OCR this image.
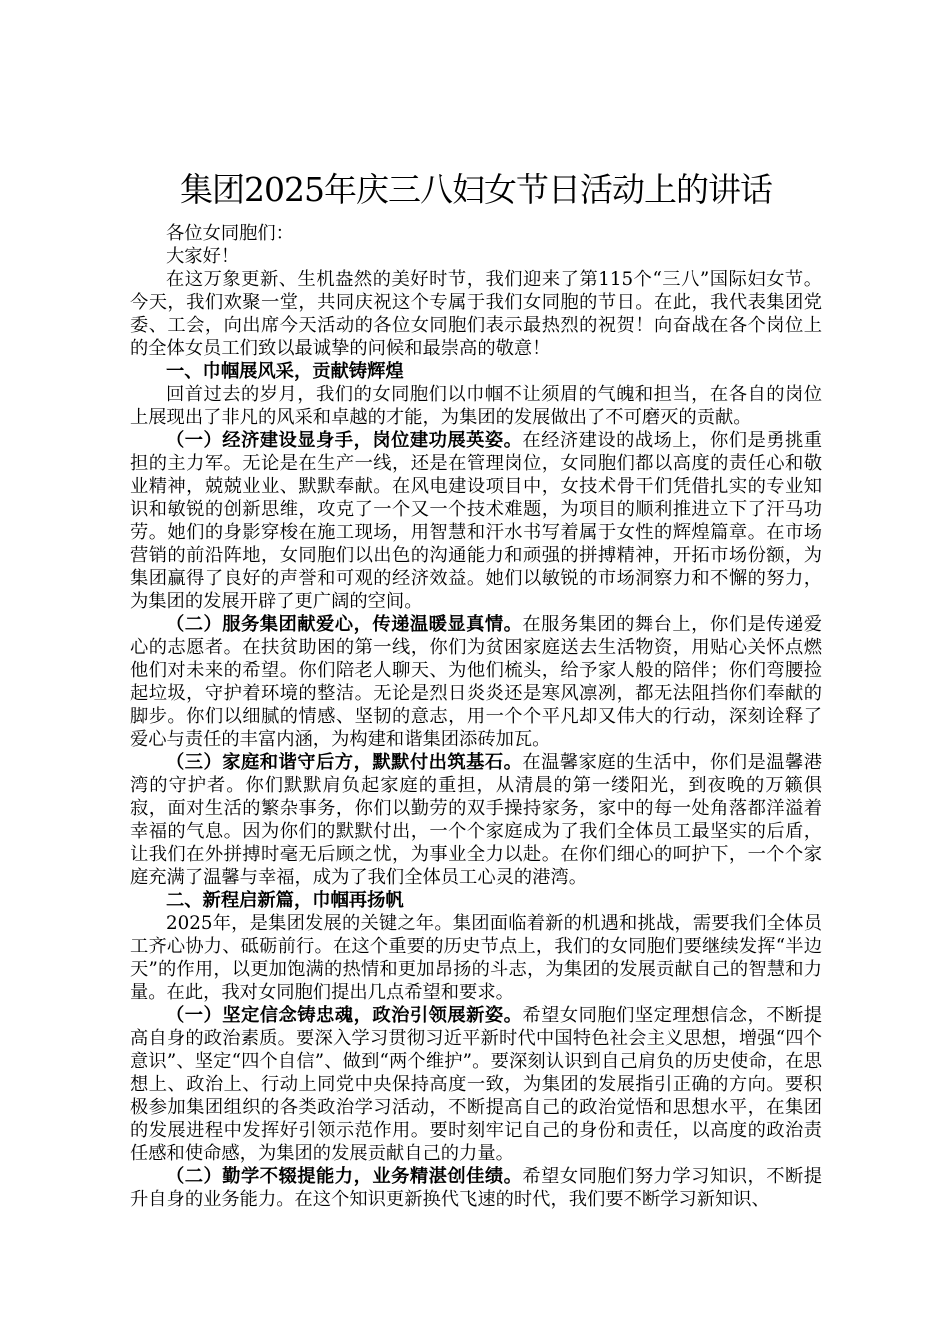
集团2025年庆三八妇女节日活动上的讲话

各位女同胞们：

大家好！

在这万象更新、生机盎然的美好时节，我们迎来了第115个“三八”国际妇女节。今天，我们欢聚一堂，共同庆祝这个专属于我们女同胞的节日。在此，我代表集团党委、工会，向出席今天活动的各位女同胞们表示最热烈的祝贺！向奋战在各个岗位上的全体女员工们致以最诚挚的问候和最崇高的敬意！

一、巾帼展风采，贡献铸辉煌

回首过去的岁月，我们的女同胞们以巾帼不让须眉的气魄和担当，在各自的岗位上展现出了非凡的风采和卓越的才能，为集团的发展做出了不可磨灭的贡献。

（一）经济建设显身手，岗位建功展英姿。在经济建设的战场上，你们是勇挑重担的主力军。无论是在生产一线，还是在管理岗位，女同胞们都以高度的责任心和敬业精神，兢兢业业、默默奉献。在风电建设项目中，女技术骨干们凭借扎实的专业知识和敏锐的创新思维，攻克了一个又一个技术难题，为项目的顺利推进立下了汗马功劳。她们的身影穿梭在施工现场，用智慧和汗水书写着属于女性的辉煌篇章。在市场营销的前沿阵地，女同胞们以出色的沟通能力和顽强的拼搏精神，开拓市场份额，为集团赢得了良好的声誉和可观的经济效益。她们以敏锐的市场洞察力和不懈的努力，为集团的发展开辟了更广阔的空间。

（二）服务集团献爱心，传递温暖显真情。在服务集团的舞台上，你们是传递爱心的志愿者。在扶贫助困的第一线，你们为贫困家庭送去生活物资，用贴心关怀点燃他们对未来的希望。你们陪老人聊天、为他们梳头，给予家人般的陪伴；你们弯腰捡起垃圾，守护着环境的整洁。无论是烈日炎炎还是寒风凛冽，都无法阻挡你们奉献的脚步。你们以细腻的情感、坚韧的意志，用一个个平凡却又伟大的行动，深刻诠释了爱心与责任的丰富内涵，为构建和谐集团添砖加瓦。

（三）家庭和谐守后方，默默付出筑基石。在温馨家庭的生活中，你们是温馨港湾的守护者。你们默默肩负起家庭的重担，从清晨的第一缕阳光，到夜晚的万籁俱寂，面对生活的繁杂事务，你们以勤劳的双手操持家务，家中的每一处角落都洋溢着幸福的气息。因为你们的默默付出，一个个家庭成为了我们全体员工最坚实的后盾，让我们在外拼搏时毫无后顾之忧，为事业全力以赴。在你们细心的呵护下，一个个家庭充满了温馨与幸福，成为了我们全体员工心灵的港湾。

二、新程启新篇，巾帼再扬帆

2025年，是集团发展的关键之年。集团面临着新的机遇和挑战，需要我们全体员工齐心协力、砥砺前行。在这个重要的历史节点上，我们的女同胞们要继续发挥“半边天”的作用，以更加饱满的热情和更加昂扬的斗志，为集团的发展贡献自己的智慧和力量。在此，我对女同胞们提出几点希望和要求。

（一）坚定信念铸忠魂，政治引领展新姿。希望女同胞们坚定理想信念，不断提高自身的政治素质。要深入学习贯彻习近平新时代中国特色社会主义思想，增强“四个意识”、坚定“四个自信”、做到“两个维护”。要深刻认识到自己肩负的历史使命，在思想上、政治上、行动上同党中央保持高度一致，为集团的发展指引正确的方向。要积极参加集团组织的各类政治学习活动，不断提高自己的政治觉悟和思想水平，在集团的发展进程中发挥好引领示范作用。要时刻牢记自己的身份和责任，以高度的政治责任感和使命感，为集团的发展贡献自己的力量。

（二）勤学不辍提能力，业务精湛创佳绩。希望女同胞们努力学习知识，不断提升自身的业务能力。在这个知识更新换代飞速的时代，我们要不断学习新知识、
